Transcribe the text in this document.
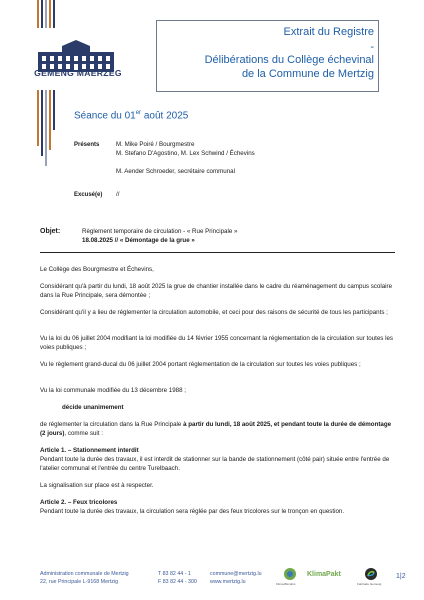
GEMENG MÄERZEG
Extrait du Registre
-
Délibérations du Collège échevinal
de la Commune de Mertzig
Séance du 01er août 2025
Présents	M. Mike Poiré / Bourgmestre
M. Stefano D'Agostino, M. Lex Schwind / Échevins
M. Aender Schroeder, secrétaire communal
Excusé(e) //
Objet:	Règlement temporaire de circulation - « Rue Principale »
18.08.2025 // « Démontage de la grue »
Le Collège des Bourgmestre et Échevins,
Considérant qu'à partir du lundi, 18 août 2025 la grue de chantier installée dans le cadre du réaménagement du campus scolaire dans la Rue Principale, sera démontée ;
Considérant qu'il y a lieu de réglementer la circulation automobile, et ceci pour des raisons de sécurité de tous les participants ;
Vu la loi du 06 juillet 2004 modifiant la loi modifiée du 14 février 1955 concernant la réglementation de la circulation sur toutes les voies publiques ;
Vu le règlement grand-ducal du 06 juillet 2004 portant réglementation de la circulation sur toutes les voies publiques ;
Vu la loi communale modifiée du 13 décembre 1988 ;
décide unanimement
de réglementer la circulation dans la Rue Principale à partir du lundi, 18 août 2025, et pendant toute la durée de démontage (2 jours), comme suit :
Article 1. – Stationnement interdit
Pendant toute la durée des travaux, il est interdit de stationner sur la bande de stationnement (côté pair) située entre l'entrée de l'atelier communal et l'entrée du centre Turelbaach.
La signalisation sur place est à respecter.
Article 2. – Feux tricolores
Pendant toute la durée des travaux, la circulation sera réglée par des feux tricolores sur le tronçon en question.
Administration communale de Mertzig
22, rue Principale L-9168 Mertzig
T 83 82 44 - 1
F 83 82 44 - 300
commune@mertzig.lu
www.mertzig.lu	Klima-Bündnis
KlimaPakt
Fairtrade Gemeng
1|2
